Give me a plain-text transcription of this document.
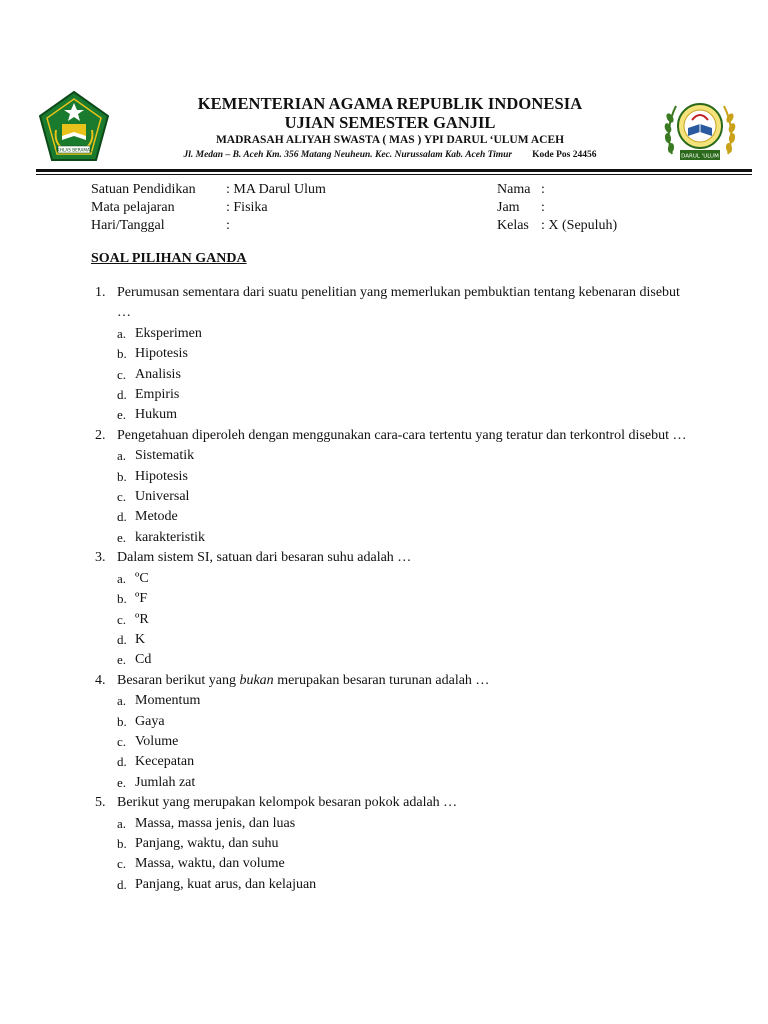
IKHLAS BERAMAL
DARUL 'ULUM
KEMENTERIAN AGAMA REPUBLIK INDONESIA
UJIAN SEMESTER GANJIL
MADRASAH ALIYAH SWASTA ( MAS ) YPI DARUL ‘ULUM ACEH
Jl. Medan – B. Aceh Km. 356 Matang Neuheun. Kec. Nurussalam Kab. Aceh Timur Kode Pos 24456
Satuan Pendidikan
Mata pelajaran
Hari/Tanggal
: MA Darul Ulum
: Fisika
:
Nama
Jam
Kelas
:
:
: X (Sepuluh)
SOAL PILIHAN GANDA
1. Perumusan sementara dari suatu penelitian yang memerlukan pembuktian tentang kebenaran disebut …
a. Eksperimen
b. Hipotesis
c. Analisis
d. Empiris
e. Hukum
2. Pengetahuan diperoleh dengan menggunakan cara-cara tertentu yang teratur dan terkontrol disebut …
a. Sistematik
b. Hipotesis
c. Universal
d. Metode
e. karakteristik
3. Dalam sistem SI, satuan dari besaran suhu adalah …
a. ºC
b. ºF
c. ºR
d. K
e. Cd
4. Besaran berikut yang bukan merupakan besaran turunan adalah …
a. Momentum
b. Gaya
c. Volume
d. Kecepatan
e. Jumlah zat
5. Berikut yang merupakan kelompok besaran pokok adalah …
a. Massa, massa jenis, dan luas
b. Panjang, waktu, dan suhu
c. Massa, waktu, dan volume
d. Panjang, kuat arus, dan kelajuan
